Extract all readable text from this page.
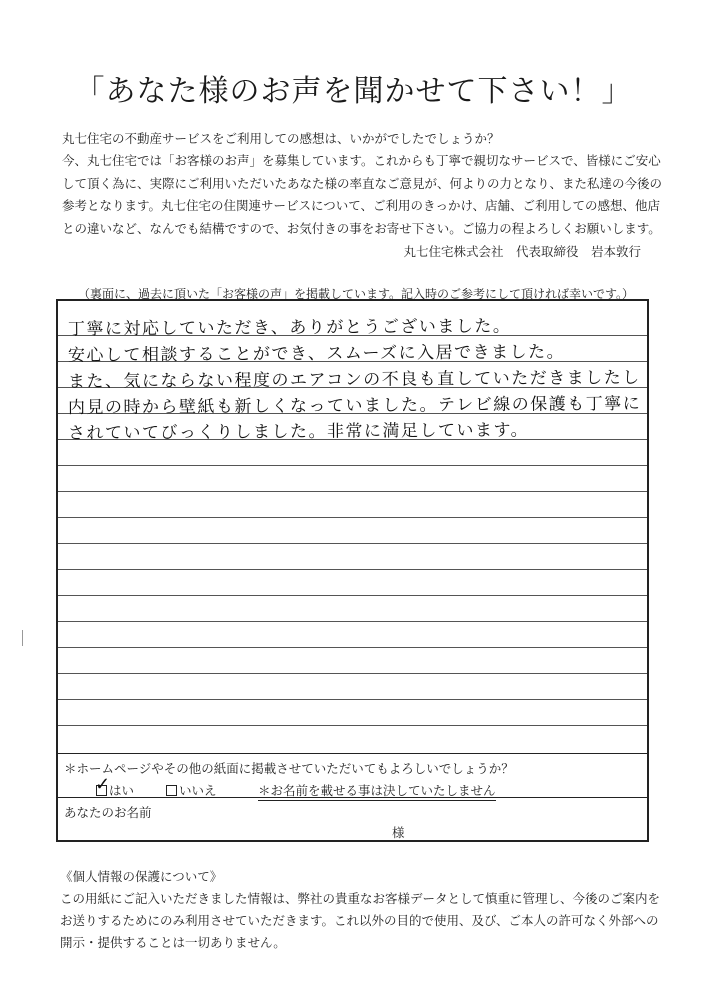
「あなた様のお声を聞かせて下さい！」

丸七住宅の不動産サービスをご利用しての感想は、いかがでしたでしょうか？

今、丸七住宅では「お客様のお声」を募集しています。これからも丁寧で親切なサービスで、皆様にご安心

して頂く為に、実際にご利用いただいたあなた様の率直なご意見が、何よりの力となり、また私達の今後の

参考となります。丸七住宅の住関連サービスについて、ご利用のきっかけ、店舗、ご利用しての感想、他店

との違いなど、なんでも結構ですので、お気付きの事をお寄せ下さい。ご協力の程よろしくお願いします。

丸七住宅株式会社　代表取締役　岩本敦行
（裏面に、過去に頂いた「お客様の声」を掲載しています。記入時のご参考にして頂ければ幸いです。）
丁寧に対応していただき、ありがとうございました。
安心して相談することができ、スムーズに入居できました。
また、気にならない程度のエアコンの不良も直していただきましたし
内見の時から壁紙も新しくなっていました。テレビ線の保護も丁寧に
されていてびっくりしました。非常に満足しています。
＊ホームページやその他の紙面に掲載させていただいてもよろしいでしょうか？
✓
はい	いいえ	＊お名前を載せる事は決していたしません
あなたのお名前
様

《個人情報の保護について》

この用紙にご記入いただきました情報は、弊社の貴重なお客様データとして慎重に管理し、今後のご案内を

お送りするためにのみ利用させていただきます。これ以外の目的で使用、及び、ご本人の許可なく外部への

開示・提供することは一切ありません。
